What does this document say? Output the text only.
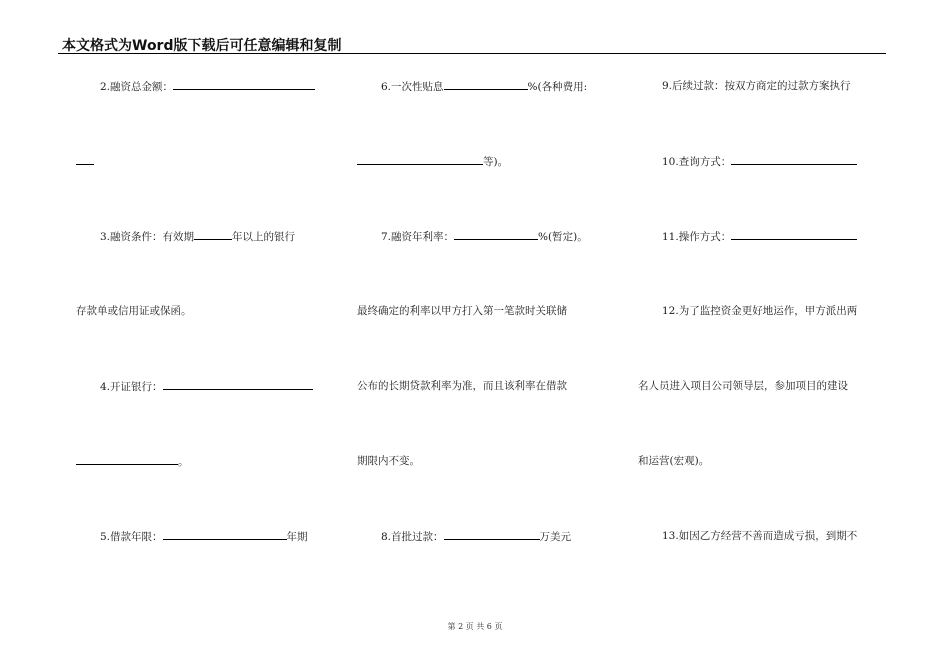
本文格式为Word版下载后可任意编辑和复制
2.融资总金额：
3.融资条件：有效期	年以上的银行
存款单或信用证或保函。
4.开证银行：
。
5.借款年限：	年期
6.一次性贴息	%(各种费用:
等)。
7.融资年利率：	%(暂定)。
最终确定的利率以甲方打入第一笔款时关联储
公布的长期贷款利率为准，而且该利率在借款
期限内不变。
8.首批过款：	万美元
9.后续过款：按双方商定的过款方案执行
10.查询方式：
11.操作方式：
12.为了监控资金更好地运作，甲方派出两
名人员进入项目公司领导层，参加项目的建设
和运营(宏观)。
13.如因乙方经营不善而造成亏损，到期不
第 2 页 共 6 页
